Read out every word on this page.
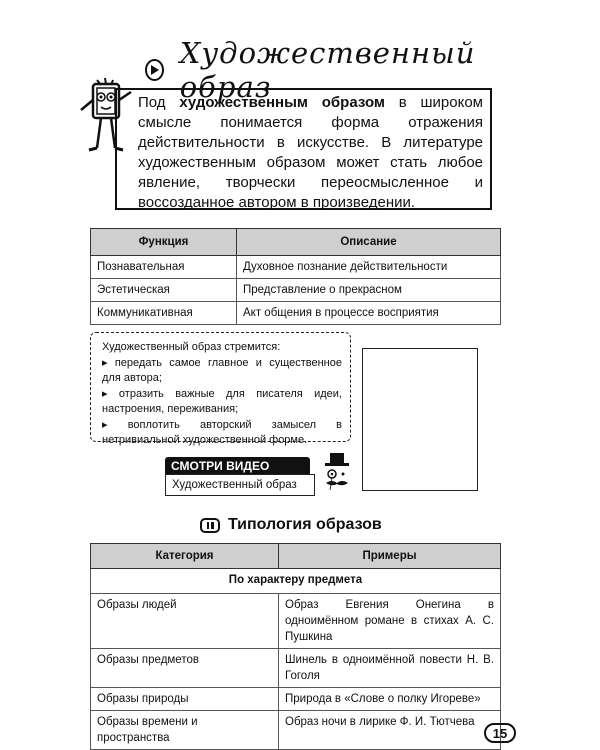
Художественный образ
Под художественным образом в широком смысле понимается форма отражения действительности в искусстве. В литературе художественным образом может стать любое явление, творчески переосмысленное и воссозданное автором в произведении.
Функция	Описание
Познавательная	Духовное познание действительности
Эстетическая	Представление о прекрасном
Коммуникативная	Акт общения в процессе восприятия
Художественный образ стремится:
▸ передать самое главное и существенное для автора;
▸ отразить важные для писателя идеи, настроения, переживания;
▸ воплотить авторский замысел в нетривиальной художественной форме.
СМОТРИ ВИДЕО
Художественный образ
Типология образов
Категория	Примеры
По характеру предмета	
Образы людей	Образ Евгения Онегина в одноимённом романе в стихах А. С. Пушкина
Образы предметов	Шинель в одноимённой повести Н. В. Гоголя
Образы природы	Природа в «Слове о полку Игореве»
Образы времени и пространства	Образ ночи в лирике Ф. И. Тютчева
15
